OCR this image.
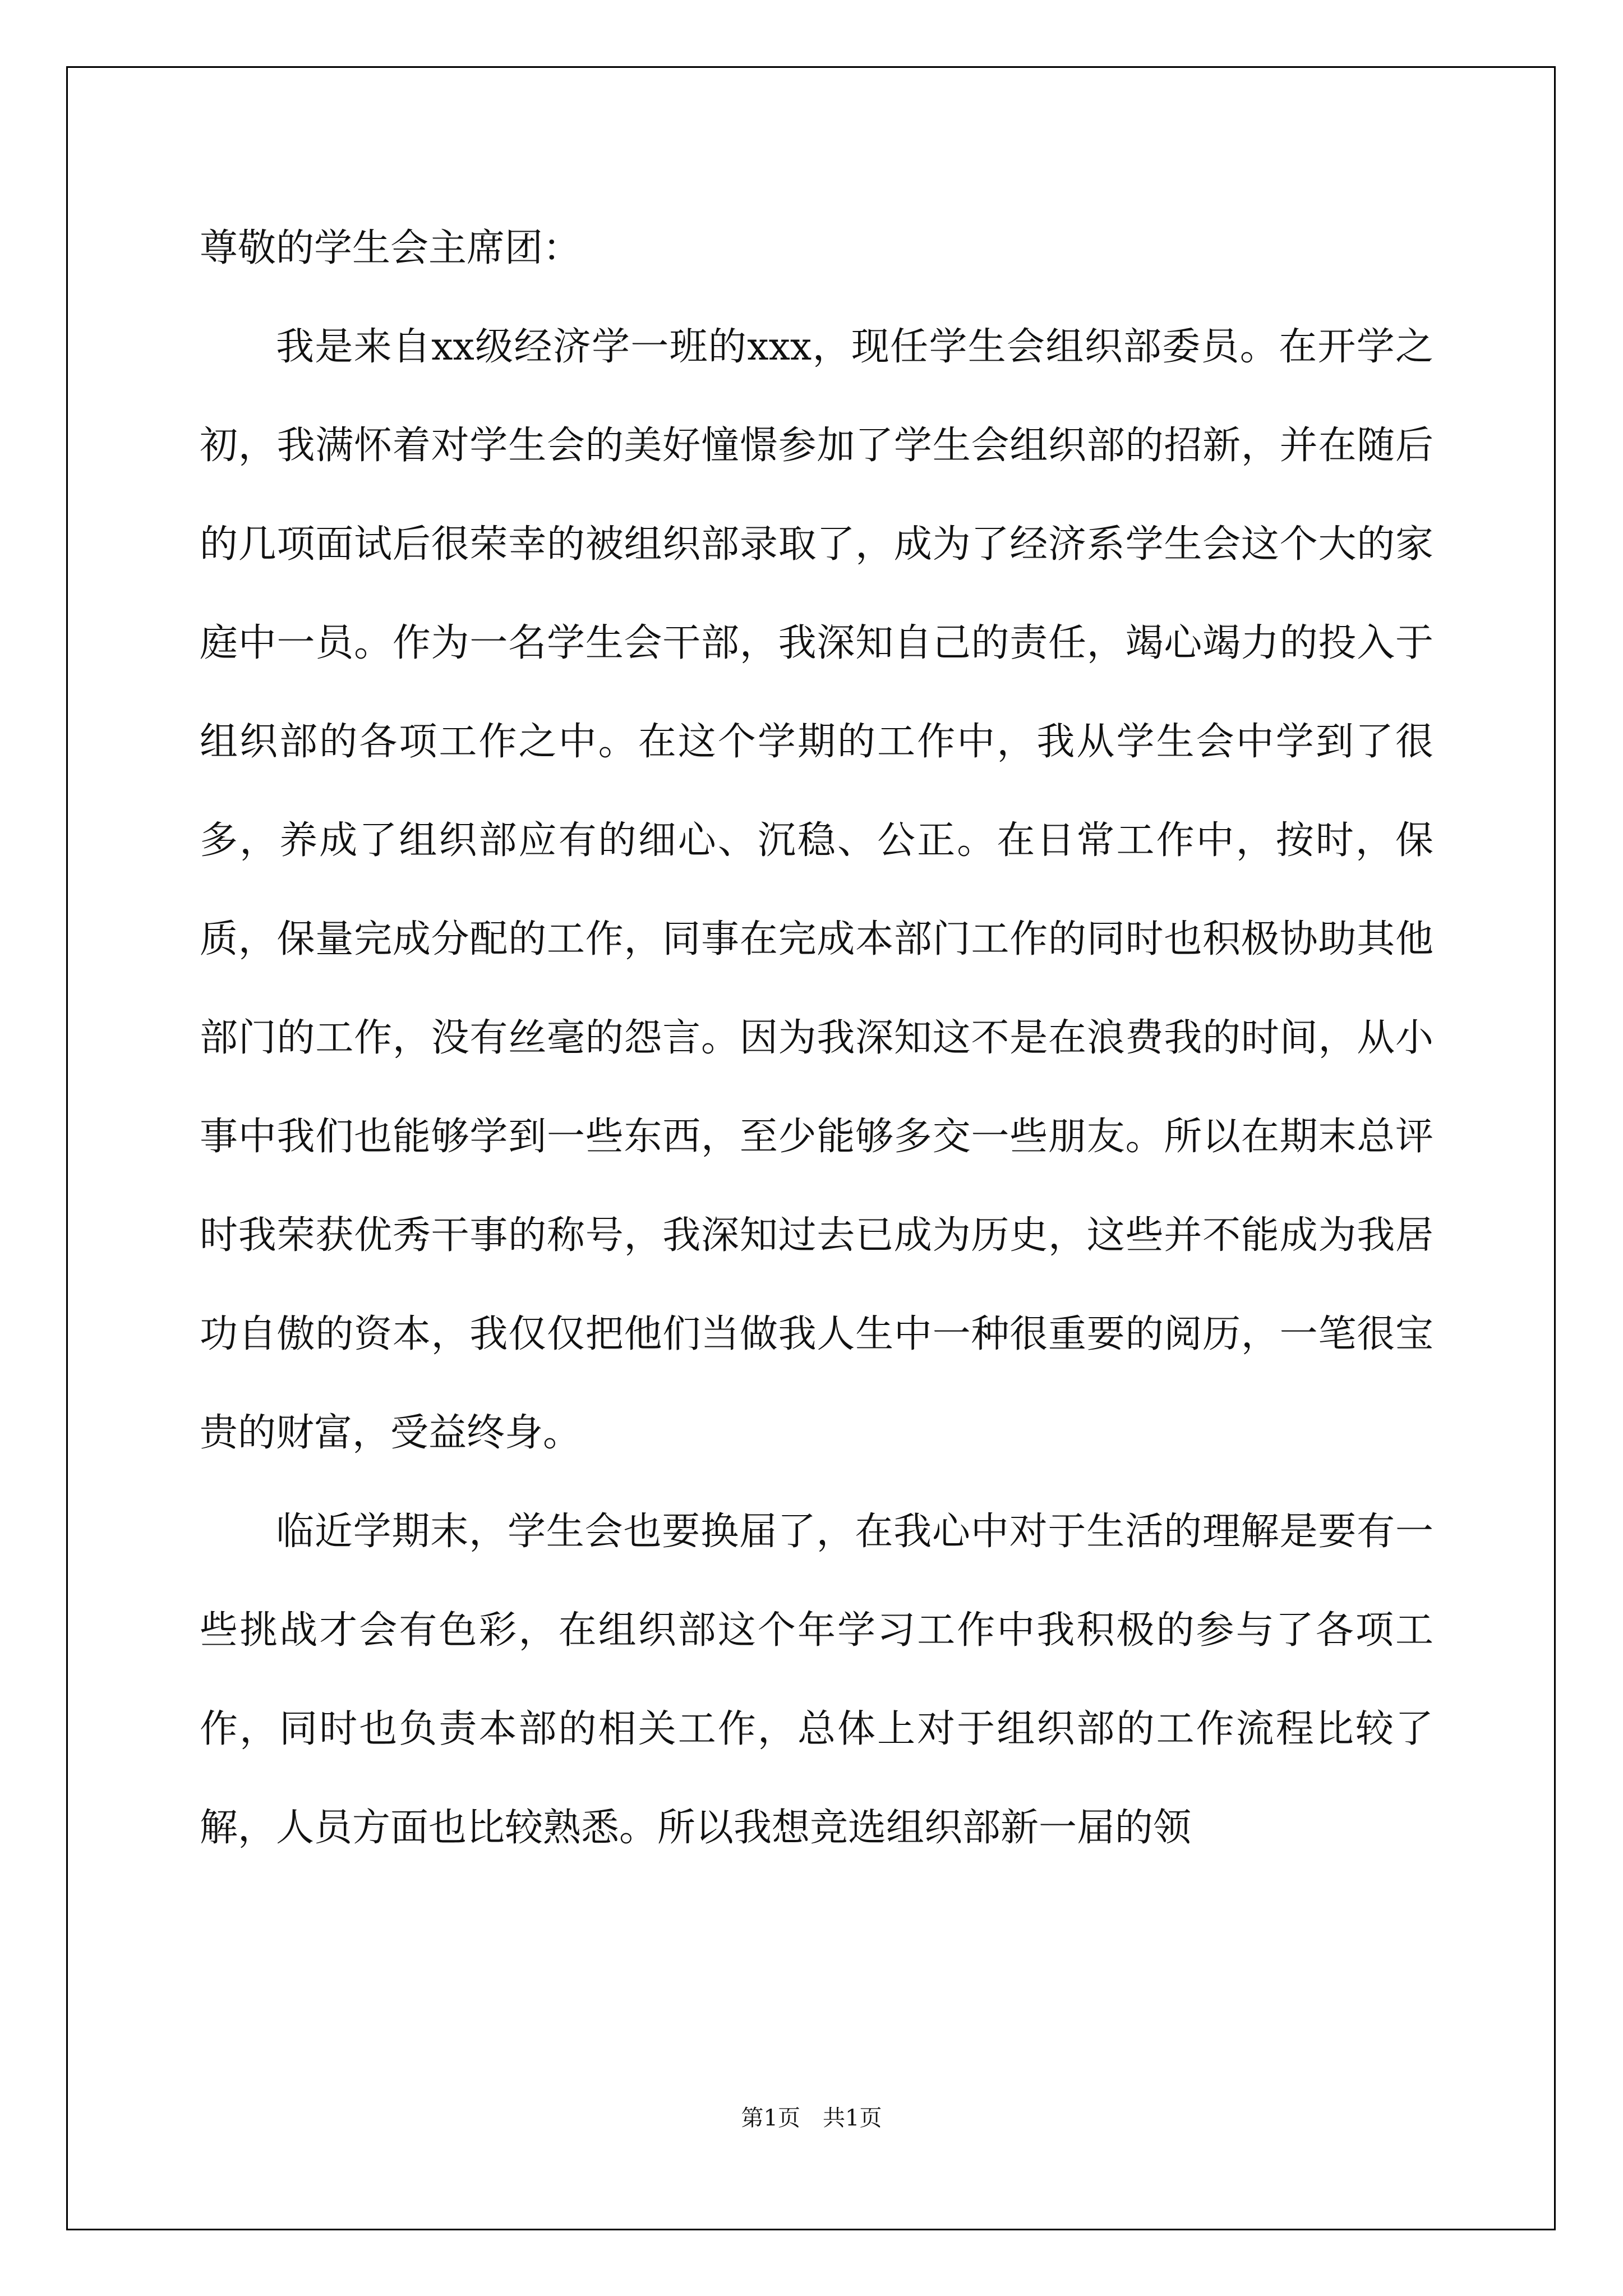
尊敬的学生会主席团：

我是来自xx级经济学一班的xxx，现任学生会组织部委员。在开学之初，我满怀着对学生会的美好憧憬参加了学生会组织部的招新，并在随后的几项面试后很荣幸的被组织部录取了，成为了经济系学生会这个大的家庭中一员。作为一名学生会干部，我深知自己的责任，竭心竭力的投入于组织部的各项工作之中。在这个学期的工作中，我从学生会中学到了很多，养成了组织部应有的细心、沉稳、公正。在日常工作中，按时，保质，保量完成分配的工作，同事在完成本部门工作的同时也积极协助其他部门的工作，没有丝毫的怨言。因为我深知这不是在浪费我的时间，从小事中我们也能够学到一些东西，至少能够多交一些朋友。所以在期末总评时我荣获优秀干事的称号，我深知过去已成为历史，这些并不能成为我居功自傲的资本，我仅仅把他们当做我人生中一种很重要的阅历，一笔很宝贵的财富，受益终身。

临近学期末，学生会也要换届了，在我心中对于生活的理解是要有一些挑战才会有色彩，在组织部这个年学习工作中我积极的参与了各项工作，同时也负责本部的相关工作，总体上对于组织部的工作流程比较了解，人员方面也比较熟悉。所以我想竞选组织部新一届的领

第1页 共1页
